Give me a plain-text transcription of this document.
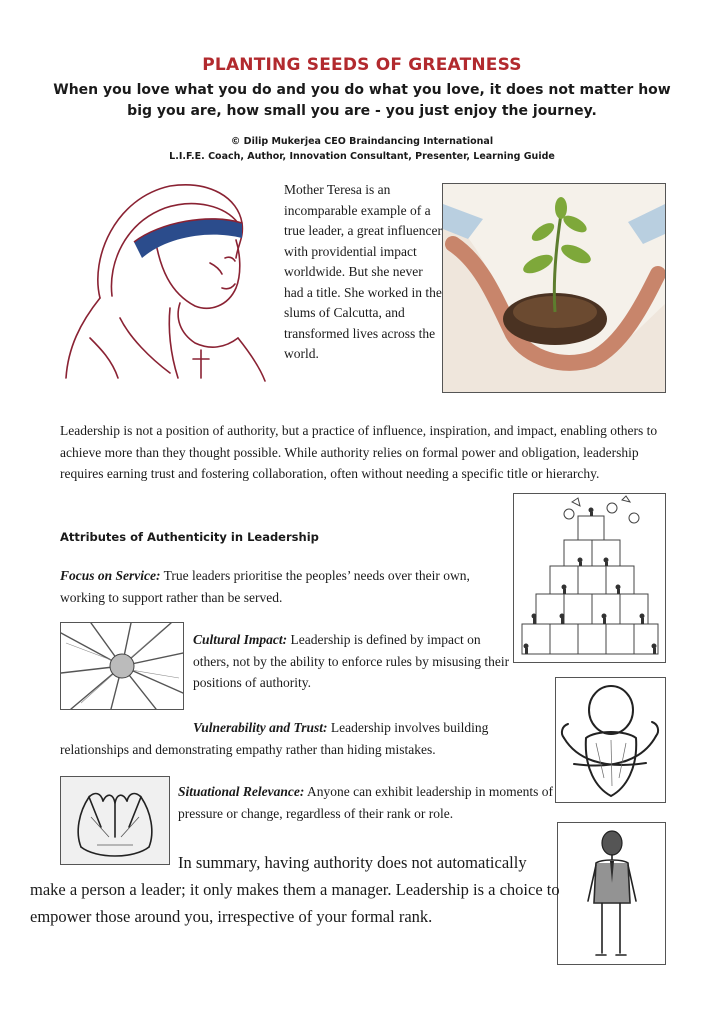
PLANTING SEEDS OF GREATNESS
When you love what you do and you do what you love, it does not matter how big you are, how small you are - you just enjoy the journey.
© Dilip Mukerjea CEO Braindancing International
L.I.F.E. Coach, Author, Innovation Consultant, Presenter, Learning Guide
Mother Teresa is an incomparable example of a true leader, a great influencer with providential impact worldwide. But she never had a title. She worked in the slums of Calcutta, and transformed lives across the world.
Leadership is not a position of authority, but a practice of influence, inspiration, and impact, enabling others to achieve more than they thought possible. While authority relies on formal power and obligation, leadership requires earning trust and fostering collaboration, often without needing a specific title or hierarchy.
Attributes of Authenticity in Leadership
Focus on Service: True leaders prioritise the peoples’ needs over their own, working to support rather than be served.
Cultural Impact: Leadership is defined by impact on others, not by the ability to enforce rules by misusing their positions of authority.
Vulnerability and Trust: Leadership involves building relationships and demonstrating empathy rather than hiding mistakes.
Situational Relevance: Anyone can exhibit leadership in moments of pressure or change, regardless of their rank or role.
In summary, having authority does not automatically make a person a leader; it only makes them a manager. Leadership is a choice to empower those around you, irrespective of your formal rank.
